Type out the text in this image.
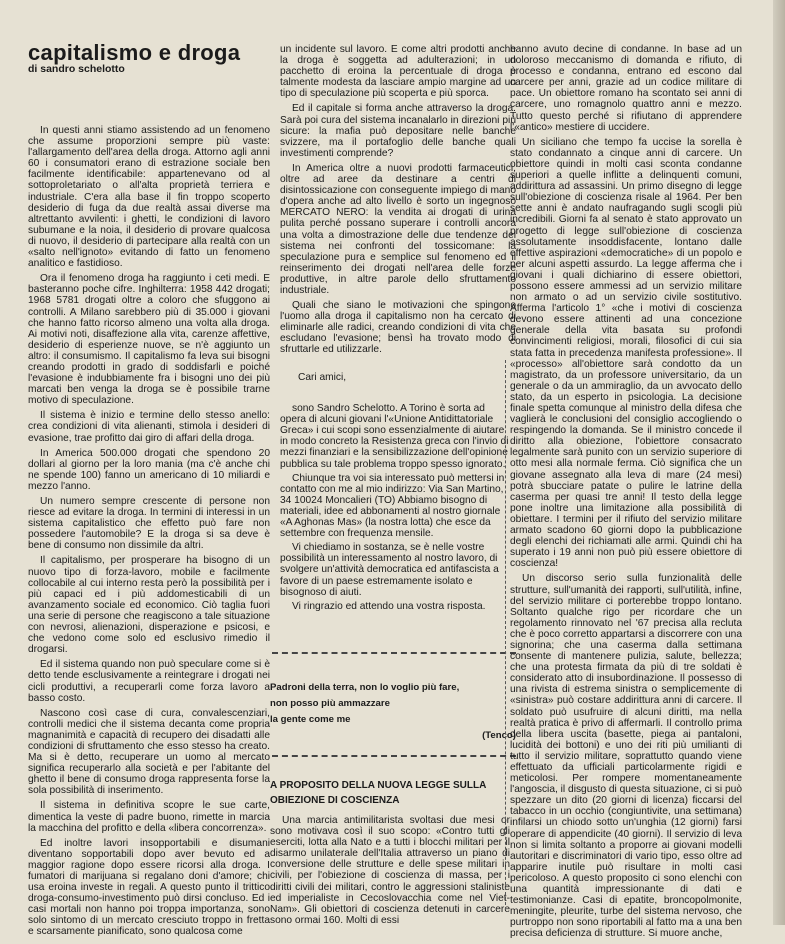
capitalismo e droga

di sandro schelotto

In questi anni stiamo assistendo ad un fenomeno che assume proporzioni sempre più vaste: l'allargamento dell'area della droga. Attorno agli anni 60 i consumatori erano di estrazione sociale ben facilmente identificabile: appartenevano od al sottoproletariato o all'alta proprietà terriera e industriale. C'era alla base il fin troppo scoperto desiderio di fuga da due realtà assai diverse ma altrettanto avvilenti: i ghetti, le condizioni di lavoro subumane e la noia, il desiderio di provare qualcosa di nuovo, il desiderio di partecipare alla realtà con un «salto nell'ignoto» evitando di fatto un fenomeno analitico e fastidioso.

Ora il fenomeno droga ha raggiunto i ceti medi. E basteranno poche cifre. Inghilterra: 1958 442 drogati; 1968 5781 drogati oltre a coloro che sfuggono ai controlli. A Milano sarebbero più di 35.000 i giovani che hanno fatto ricorso almeno una volta alla droga. Ai motivi noti, disaffezione alla vita, carenze affettive, desiderio di esperienze nuove, se n'è aggiunto un altro: il consumismo. Il capitalismo fa leva sui bisogni creando prodotti in grado di soddisfarli e poiché l'evasione è indubbiamente fra i bisogni uno dei più marcati ben venga la droga se è possibile trarne motivo di speculazione.

Il sistema è inizio e termine dello stesso anello: crea condizioni di vita alienanti, stimola i desideri di evasione, trae profitto dai giro di affari della droga.

In America 500.000 drogati che spendono 20 dollari al giorno per la loro mania (ma c'è anche chi ne spende 100) fanno un americano di 10 miliardi e mezzo l'anno.

Un numero sempre crescente di persone non riesce ad evitare la droga. In termini di interessi in un sistema capitalistico che effetto può fare non possedere l'automobile? E la droga si sa deve è bene di consumo non dissimile da altri.

Il capitalismo, per prosperare ha bisogno di un nuovo tipo di forza-lavoro, mobile e facilmente collocabile al cui interno resta però la possibilità per i più capaci ed i più addomesticabili di un avanzamento sociale ed economico. Ciò taglia fuori una serie di persone che reagiscono a tale situazione con nevrosi, alienazioni, disperazione e psicosi, e che vedono come solo ed esclusivo rimedio il drogarsi.

Ed il sistema quando non può speculare come si è detto tende esclusivamente a reintegrare i drogati nei cicli produttivi, a recuperarli come forza lavoro a basso costo.

Nascono così case di cura, convalescenziari, controlli medici che il sistema decanta come propria magnanimità e capacità di recupero dei disadatti alle condizioni di sfruttamento che esso stesso ha creato. Ma si è detto, recuperare un uomo al mercato significa recuperarlo alla società e per l'abitante del ghetto il bene di consumo droga rappresenta forse la sola possibilità di inserimento.

Il sistema in definitiva scopre le sue carte, dimentica la veste di padre buono, rimette in marcia la macchina del profitto e della «libera concorrenza».

Ed inoltre lavori insopportabili e disumani diventano sopportabili dopo aver bevuto ed a maggior ragione dopo essere ricorsi alla droga. I fumatori di marijuana si regalano doni d'amore; chi usa eroina investe in regali. A questo punto il trittico droga-consumo-investimento può dirsi concluso. Ed i casi mortali non hanno poi troppa importanza, sono solo sintomo di un mercato cresciuto troppo in fretta e scarsamente pianificato, sono qualcosa come

un incidente sul lavoro. E come altri prodotti anche la droga è soggetta ad adulterazioni; in un pacchetto di eroina la percentuale di droga è talmente modesta da lasciare ampio margine ad un tipo di speculazione più scoperta e più sporca.

Ed il capitale si forma anche attraverso la droga. Sarà poi cura del sistema incanalarlo in direzioni più sicure: la mafia può depositare nelle banche svizzere, ma il portafoglio delle banche quali investimenti comprende?

In America oltre a nuovi prodotti farmaceutici, oltre ad aree da destinare a centri di disintossicazione con conseguente impiego di mano d'opera anche ad alto livello è sorto un ingegnoso MERCATO NERO: la vendita ai drogati di urina pulita perché possano superare i controlli ancora una volta a dimostrazione delle due tendenze del sistema nei confronti del tossicomane: la speculazione pura e semplice sul fenomeno ed il reinserimento dei drogati nell'area delle forze produttive, in altre parole dello sfruttamento industriale.

Quali che siano le motivazioni che spingono l'uomo alla droga il capitalismo non ha cercato di eliminarle alle radici, creando condizioni di vita che escludano l'evasione; bensì ha trovato modo di sfruttarle ed utilizzarle.

Cari amici,

sono Sandro Schelotto. A Torino è sorta ad opera di alcuni giovani l'«Unione Antidittatoriale Greca» i cui scopi sono essenzialmente di aiutare in modo concreto la Resistenza greca con l'invio di mezzi finanziari e la sensibilizzazione dell'opinione pubblica su tale problema troppo spesso ignorato.

Chiunque tra voi sia interessato può mettersi in contatto con me al mio indirizzo: Via San Martino, 34 10024 Moncalieri (TO) Abbiamo bisogno di materiali, idee ed abbonamenti al nostro giornale «A Aghonas Mas» (la nostra lotta) che esce da settembre con frequenza mensile.

Vi chiediamo in sostanza, se è nelle vostre possibilità un interessamento al nostro lavoro, di svolgere un'attività democratica ed antifascista a favore di un paese estremamente isolato e bisognoso di aiuti.

Vi ringrazio ed attendo una vostra risposta.

Padroni della terra, non lo voglio più fare,
non posso più ammazzare
la gente come me
(Tenco)
A PROPOSITO DELLA NUOVA LEGGE SULLA OBIEZIONE DI COSCIENZA

Una marcia antimilitarista svoltasi due mesi or sono motivava così il suo scopo: «Contro tutti gli eserciti, lotta alla Nato e a tutti i blocchi militari per il disarmo unilaterale dell'Italia attraverso un piano di conversione delle strutture e delle spese militari in civili, per l'obiezione di coscienza di massa, per i diritti civili dei militari, contro le aggressioni staliniste ed imperialiste in Cecoslovacchia come nel Viet-Nam». Gli obiettori di coscienza detenuti in carcere sono ormai 160. Molti di essi

hanno avuto decine di condanne. In base ad un doloroso meccanismo di domanda e rifiuto, di processo e condanna, entrano ed escono dal carcere per anni, grazie ad un codice militare di pace. Un obiettore romano ha scontato sei anni di carcere, uno romagnolo quattro anni e mezzo. Tutto questo perché si rifiutano di apprendere l'«antico» mestiere di uccidere.

Un siciliano che tempo fa uccise la sorella è stato condannato a cinque anni di carcere. Un obiettore quindi in molti casi sconta condanne superiori a quelle inflitte a delinquenti comuni, addirittura ad assassini. Un primo disegno di legge sull'obiezione di coscienza risale al 1964. Per ben sette anni è andato naufragando sugli scogli più incredibili. Giorni fa al senato è stato approvato un progetto di legge sull'obiezione di coscienza assolutamente insoddisfacente, lontano dalle effettive aspirazioni «democratiche» di un popolo e per alcuni aspetti assurdo. La legge afferma che i giovani i quali dichiarino di essere obiettori, possono essere ammessi ad un servizio militare non armato o ad un servizio civile sostitutivo. Afferma l'articolo 1° «che i motivi di coscienza devono essere attinenti ad una concezione generale della vita basata su profondi convincimenti religiosi, morali, filosofici di cui sia stata fatta in precedenza manifesta professione». Il «processo» all'obiettore sarà condotto da un magistrato, da un professore universitario, da un generale o da un ammiraglio, da un avvocato dello stato, da un esperto in psicologia. La decisione finale spetta comunque al ministro della difesa che vaglierà le conclusioni del consiglio accogliendo o respingendo la domanda. Se il ministro concede il diritto alla obiezione, l'obiettore consacrato legalmente sarà punito con un servizio superiore di otto mesi alla normale ferma. Ciò significa che un giovane assegnato alla leva di mare (24 mesi) potrà sbucciare patate o pulire le latrine della caserma per quasi tre anni! Il testo della legge pone inoltre una limitazione alla possibilità di obiettare. I termini per il rifiuto del servizio militare armato scadono 60 giorni dopo la pubblicazione degli elenchi dei richiamati alle armi. Quindi chi ha superato i 19 anni non può più essere obiettore di coscienza!

Un discorso serio sulla funzionalità delle strutture, sull'umanità dei rapporti, sull'utilità, infine, del servizio militare ci porterebbe troppo lontano. Soltanto qualche rigo per ricordare che un regolamento rinnovato nel '67 precisa alla recluta che è poco corretto appartarsi a discorrere con una signorina; che una caserma dalla settimana consente di mantenere pulizia, salute, bellezza; che una protesta firmata da più di tre soldati è considerato atto di insubordinazione. Il possesso di una rivista di estrema sinistra o semplicemente di «sinistra» può costare addirittura anni di carcere. Il soldato può usufruire di alcuni diritti, ma nella realtà pratica è privo di affermarli. Il controllo prima della libera uscita (basette, piega ai pantaloni, lucidità dei bottoni) e uno dei riti più umilianti di tutto il servizio militare, soprattutto quando viene effettuato da ufficiali particolarmente rigidi e meticolosi. Per rompere momentaneamente l'angoscia, il disgusto di questa situazione, ci si può spezzare un dito (20 giorni di licenza) ficcarsi del tabacco in un occhio (congiuntivite, una settimana) infilarsi un chiodo sotto un'unghia (12 giorni) farsi operare di appendicite (40 giorni). Il servizio di leva non si limita soltanto a proporre ai giovani modelli autoritari e discriminatori di vario tipo, esso oltre ad apparire inutile può risultare in molti casi pericoloso. A questo proposito ci sono elenchi con una quantità impressionante di dati e testimonianze. Casi di epatite, broncopolmonite, meningite, pleurite, turbe del sistema nervoso, che purtroppo non sono riportabili al fatto ma a una ben precisa deficienza di strutture. Si muore anche,
